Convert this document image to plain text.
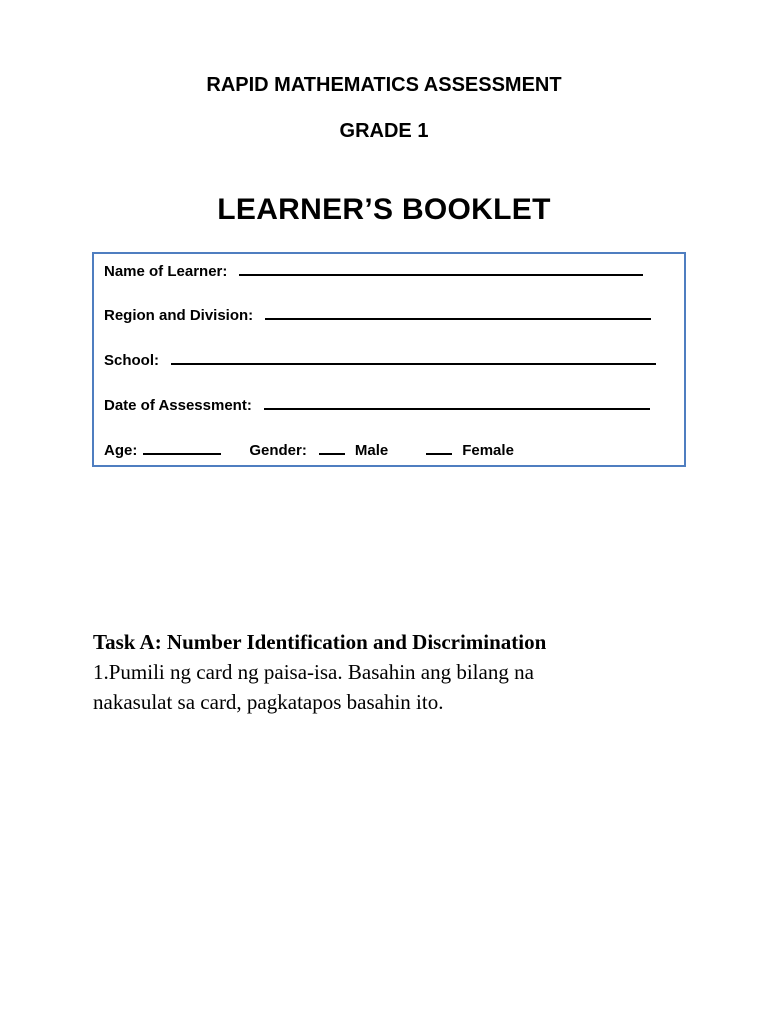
RAPID MATHEMATICS ASSESSMENT
GRADE 1
LEARNER’S BOOKLET
Name of Learner:
Region and Division:
School:
Date of Assessment:
Age:	Gender:	Male	Female
Task A: Number Identification and Discrimination
1.Pumili ng card ng paisa-isa. Basahin ang bilang na
nakasulat sa card, pagkatapos basahin ito.
